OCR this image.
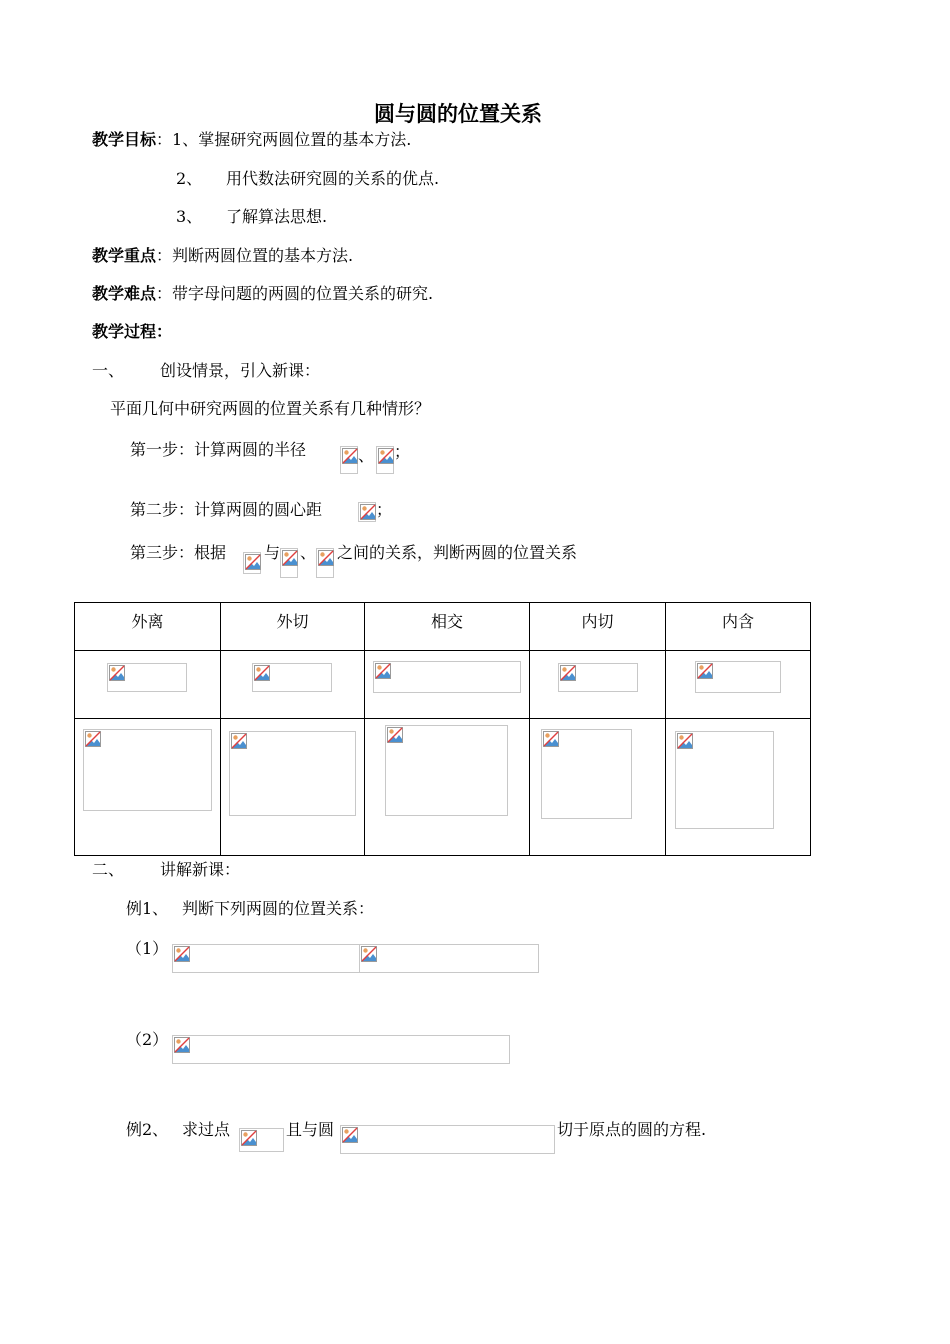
圆与圆的位置关系
教学目标：1、掌握研究两圆位置的基本方法.
2、 用代数法研究圆的关系的优点.
3、 了解算法思想.
教学重点：判断两圆位置的基本方法.
教学难点：带字母问题的两圆的位置关系的研究.
教学过程：
一、 创设情景，引入新课：
平面几何中研究两圆的位置关系有几种情形？
第一步：计算两圆的半径	、 ；
第二步：计算两圆的圆心距	；
第三步：根据 与 、 之间的关系，判断两圆的位置关系
外离	外切	相交	内切	内含

二、 讲解新课：
例1、 判断下列两圆的位置关系：
（1）
（2）
例2、 求过点	且与圆	切于原点的圆的方程.
